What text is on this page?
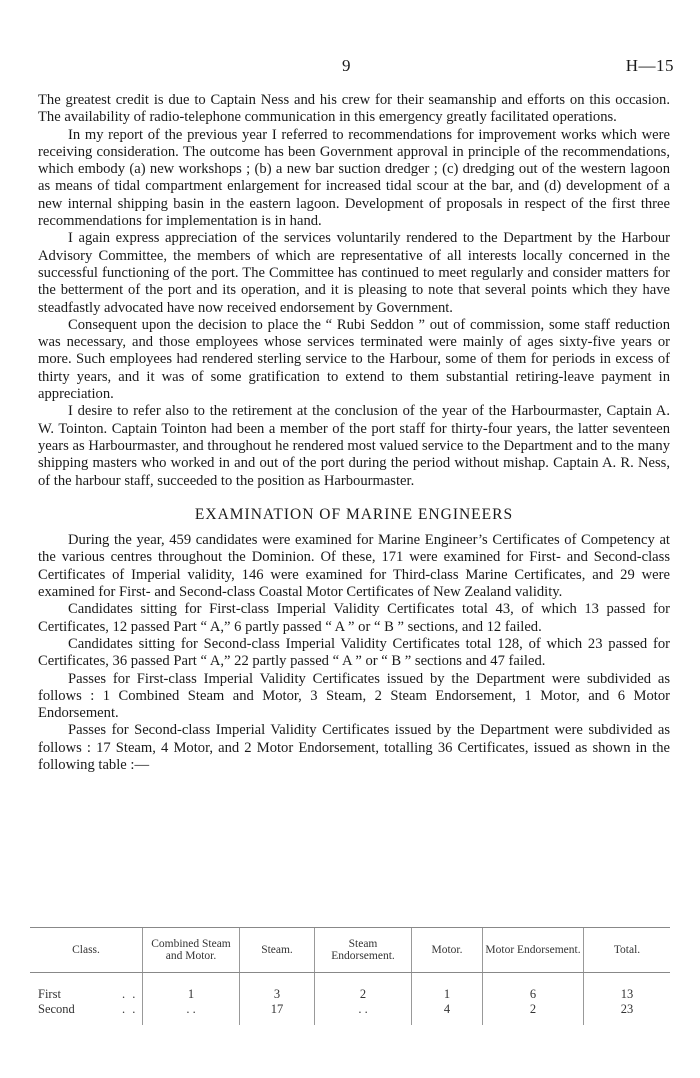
9	H—15

The greatest credit is due to Captain Ness and his crew for their seamanship and efforts on this occasion. The availability of radio-telephone communication in this emergency greatly facilitated operations.

In my report of the previous year I referred to recommendations for improvement works which were receiving consideration. The outcome has been Government approval in principle of the recommendations, which embody (a) new workshops ; (b) a new bar suction dredger ; (c) dredging out of the western lagoon as means of tidal compartment enlargement for increased tidal scour at the bar, and (d) development of a new internal shipping basin in the eastern lagoon. Development of proposals in respect of the first three recommendations for implementation is in hand.

I again express appreciation of the services voluntarily rendered to the Department by the Harbour Advisory Committee, the members of which are representative of all interests locally concerned in the successful functioning of the port. The Committee has continued to meet regularly and consider matters for the betterment of the port and its operation, and it is pleasing to note that several points which they have steadfastly advocated have now received endorsement by Government.

Consequent upon the decision to place the “ Rubi Seddon ” out of commission, some staff reduction was necessary, and those employees whose services terminated were mainly of ages sixty-five years or more. Such employees had rendered sterling service to the Harbour, some of them for periods in excess of thirty years, and it was of some gratification to extend to them substantial retiring-leave payment in appreciation.

I desire to refer also to the retirement at the conclusion of the year of the Harbourmaster, Captain A. W. Tointon. Captain Tointon had been a member of the port staff for thirty-four years, the latter seventeen years as Harbourmaster, and throughout he rendered most valued service to the Department and to the many shipping masters who worked in and out of the port during the period without mishap. Captain A. R. Ness, of the harbour staff, succeeded to the position as Harbourmaster.

EXAMINATION OF MARINE ENGINEERS

During the year, 459 candidates were examined for Marine Engineer’s Certificates of Competency at the various centres throughout the Dominion. Of these, 171 were examined for First- and Second-class Certificates of Imperial validity, 146 were examined for Third-class Marine Certificates, and 29 were examined for First- and Second-class Coastal Motor Certificates of New Zealand validity.

Candidates sitting for First-class Imperial Validity Certificates total 43, of which 13 passed for Certificates, 12 passed Part “ A,” 6 partly passed “ A ” or “ B ” sections, and 12 failed.

Candidates sitting for Second-class Imperial Validity Certificates total 128, of which 23 passed for Certificates, 36 passed Part “ A,” 22 partly passed “ A ” or “ B ” sections and 47 failed.

Passes for First-class Imperial Validity Certificates issued by the Department were subdivided as follows : 1 Combined Steam and Motor, 3 Steam, 2 Steam Endorsement, 1 Motor, and 6 Motor Endorsement.

Passes for Second-class Imperial Validity Certificates issued by the Department were subdivided as follows : 17 Steam, 4 Motor, and 2 Motor Endorsement, totalling 36 Certificates, issued as shown in the following table :—

Class.	Combined Steam and Motor.	Steam.	Steam Endorsement.	Motor.	Motor Endorsement.	Total.

First . .	1	3	2	1	6	13
Second . .	. .	17	. .	4	2	23
